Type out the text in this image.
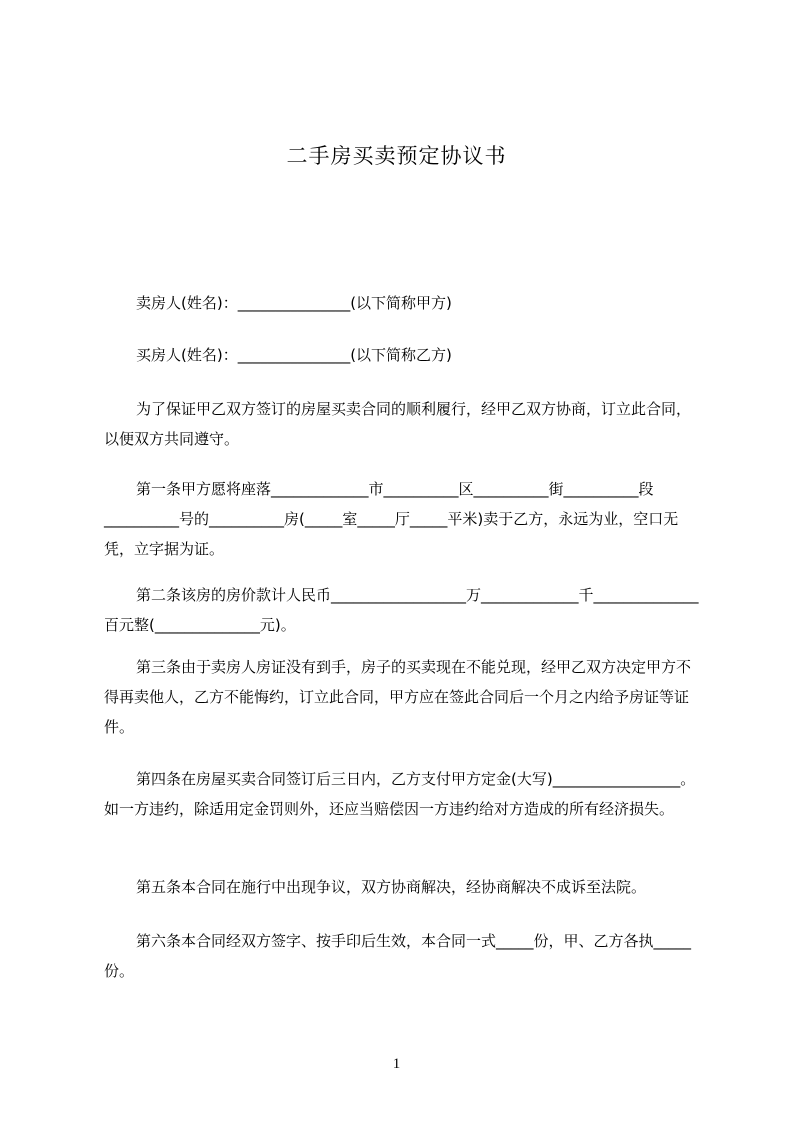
二手房买卖预定协议书

卖房人(姓名)：_______________(以下简称甲方)

买房人(姓名)：_______________(以下简称乙方)

为了保证甲乙双方签订的房屋买卖合同的顺利履行，经甲乙双方协商，订立此合同，以便双方共同遵守。

第一条甲方愿将座落_____________市__________区__________街__________段__________号的__________房(_____室_____厅_____平米)卖于乙方，永远为业，空口无凭，立字据为证。

第二条该房的房价款计人民币__________________万_____________千______________百元整(______________元)。

第三条由于卖房人房证没有到手，房子的买卖现在不能兑现，经甲乙双方决定甲方不得再卖他人，乙方不能悔约，订立此合同，甲方应在签此合同后一个月之内给予房证等证件。

第四条在房屋买卖合同签订后三日内，乙方支付甲方定金(大写)_________________。如一方违约，除适用定金罚则外，还应当赔偿因一方违约给对方造成的所有经济损失。

第五条本合同在施行中出现争议，双方协商解决，经协商解决不成诉至法院。

第六条本合同经双方签字、按手印后生效，本合同一式_____份，甲、乙方各执_____份。

1
